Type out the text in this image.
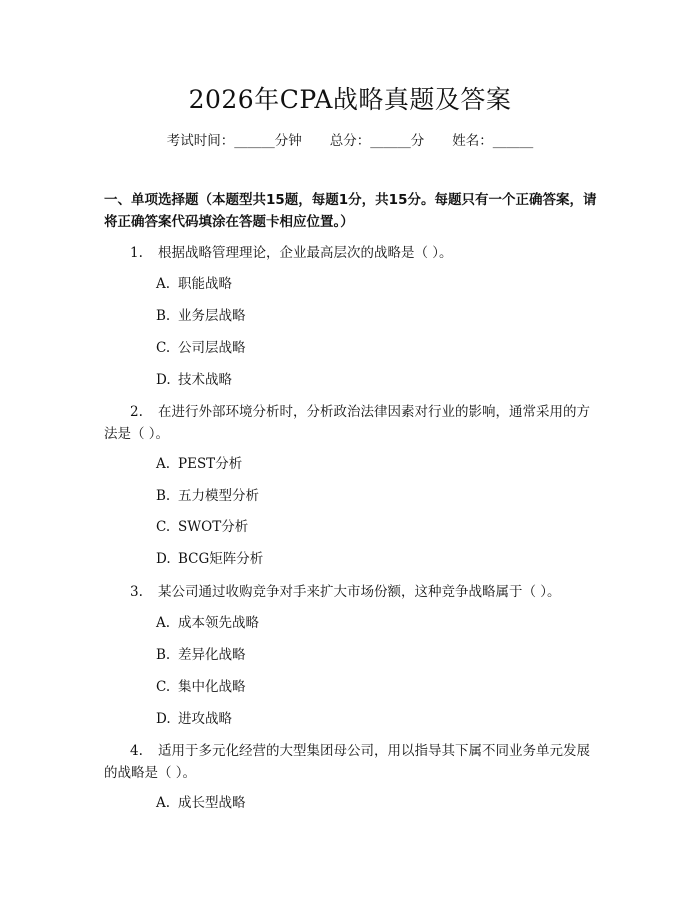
2026年CPA战略真题及答案
考试时间：______分钟 总分：______分 姓名：______
一、单项选择题（本题型共15题，每题1分，共15分。每题只有一个正确答案，请将正确答案代码填涂在答题卡相应位置。）
1. 根据战略管理理论，企业最高层次的战略是（ ）。
A. 职能战略
B. 业务层战略
C. 公司层战略
D. 技术战略
2. 在进行外部环境分析时，分析政治法律因素对行业的影响，通常采用的方法是（ ）。
A. PEST分析
B. 五力模型分析
C. SWOT分析
D. BCG矩阵分析
3. 某公司通过收购竞争对手来扩大市场份额，这种竞争战略属于（ ）。
A. 成本领先战略
B. 差异化战略
C. 集中化战略
D. 进攻战略
4. 适用于多元化经营的大型集团母公司，用以指导其下属不同业务单元发展的战略是（ ）。
A. 成长型战略
